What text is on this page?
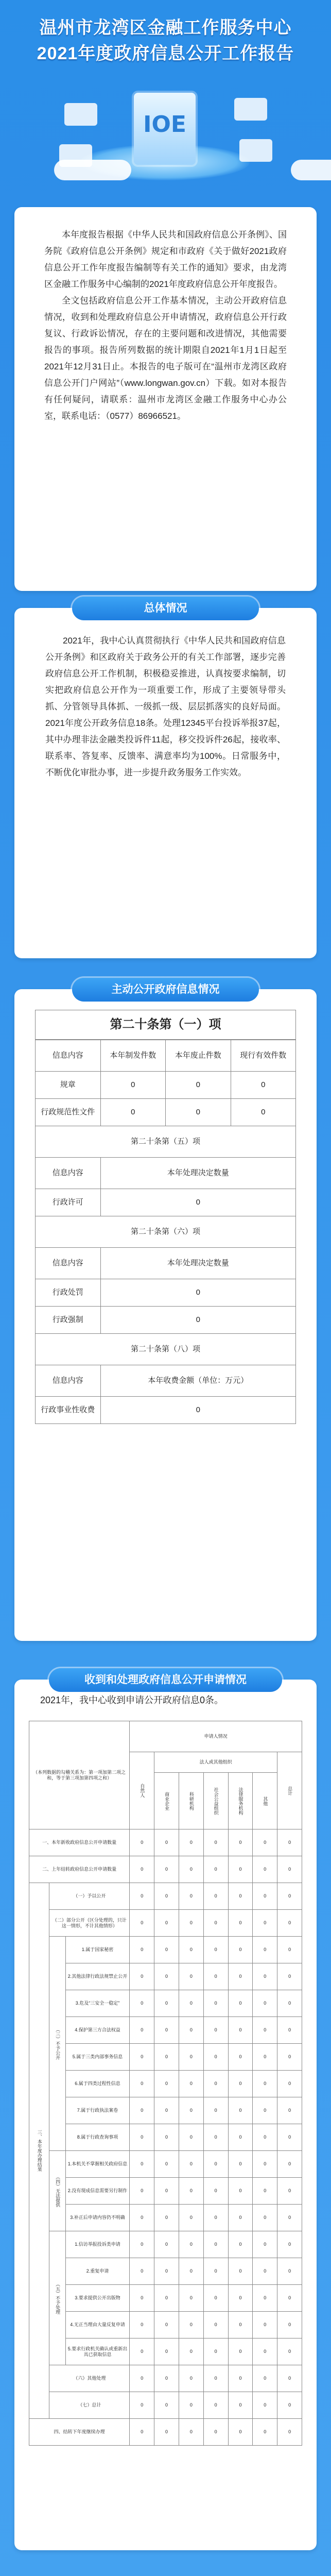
温州市龙湾区金融工作服务中心
2021年度政府信息公开工作报告
IOE

本年度报告根据《中华人民共和国政府信息公开条例》、国务院《政府信息公开条例》规定和市政府《关于做好2021政府信息公开工作年度报告编制等有关工作的通知》要求，由龙湾区金融工作服务中心编制的2021年度政府信息公开年度报告。

全文包括政府信息公开工作基本情况，主动公开政府信息情况，收到和处理政府信息公开申请情况，政府信息公开行政复议、行政诉讼情况，存在的主要问题和改进情况，其他需要报告的事项。报告所列数据的统计期限自2021年1月1日起至2021年12月31日止。本报告的电子版可在“温州市龙湾区政府信息公开门户网站”（www.longwan.gov.cn）下载。如对本报告有任何疑问，请联系：温州市龙湾区金融工作服务中心办公室，联系电话：（0577）86966521。

2021年，我中心认真贯彻执行《中华人民共和国政府信息公开条例》和区政府关于政务公开的有关工作部署，逐步完善政府信息公开工作机制，积极稳妥推进，认真按要求编制，切实把政府信息公开作为一项重要工作，形成了主要领导带头抓、分管领导具体抓、一级抓一级、层层抓落实的良好局面。2021年度公开政务信息18条。处理12345平台投诉举报37起，其中办理非法金融类投诉件11起，移交投诉件26起，接收率、联系率、答复率、反馈率、满意率均为100%。日常服务中，不断优化审批办事，进一步提升政务服务工作实效。

总体情况
第二十条第（一）项
信息内容	本年制发件数	本年废止件数	现行有效件数
规章	0	0	0
行政规范性文件	0	0	0
第二十条第（五）项			
信息内容	本年处理决定数量		
行政许可	0		
第二十条第（六）项			
信息内容	本年处理决定数量		
行政处罚	0		
行政强制	0		
第二十条第（八）项			
信息内容	本年收费金额（单位：万元）		
行政事业性收费	0		
主动公开政府信息情况
2021年，我中心收到申请公开政府信息0条。
（本列数据的勾稽关系为：第一项加第二项之和，等于第三项加第四项之和）			申请人情况						
			自然人	法人或其他组织					总计
				商业企业	科研机构	社会公益组织	法律服务机构	其他	
一、本年新收政府信息公开申请数量			0	0	0	0	0	0	0
二、上年结转政府信息公开申请数量			0	0	0	0	0	0	0
三、本年度办理结果	（一）予以公开		0	0	0	0	0	0	0
	（二）部分公开（区分处理的，只计这一情形，不计其他情形）		0	0	0	0	0	0	0
	（三）不予公开	1.属于国家秘密	0	0	0	0	0	0	0
		2.其他法律行政法规禁止公开	0	0	0	0	0	0	0
		3.危及“三安全一稳定”	0	0	0	0	0	0	0
		4.保护第三方合法权益	0	0	0	0	0	0	0
		5.属于三类内部事务信息	0	0	0	0	0	0	0
		6.属于四类过程性信息	0	0	0	0	0	0	0
		7.属于行政执法案卷	0	0	0	0	0	0	0
		8.属于行政查询事项	0	0	0	0	0	0	0
	（四）无法提供	1.本机关不掌握相关政府信息	0	0	0	0	0	0	0
		2.没有现成信息需要另行制作	0	0	0	0	0	0	0
		3.补正后申请内容仍不明确	0	0	0	0	0	0	0
	（五）不予处理	1.信访举报投诉类申请	0	0	0	0	0	0	0
		2.重复申请	0	0	0	0	0	0	0
		3.要求提供公开出版物	0	0	0	0	0	0	0
		4.无正当理由大量反复申请	0	0	0	0	0	0	0
		5.要求行政机关确认或重新出具已获取信息	0	0	0	0	0	0	0
	（六）其他处理		0	0	0	0	0	0	0
	（七）总计		0	0	0	0	0	0	0
四、结转下年度继续办理			0	0	0	0	0	0	0
收到和处理政府信息公开申请情况
